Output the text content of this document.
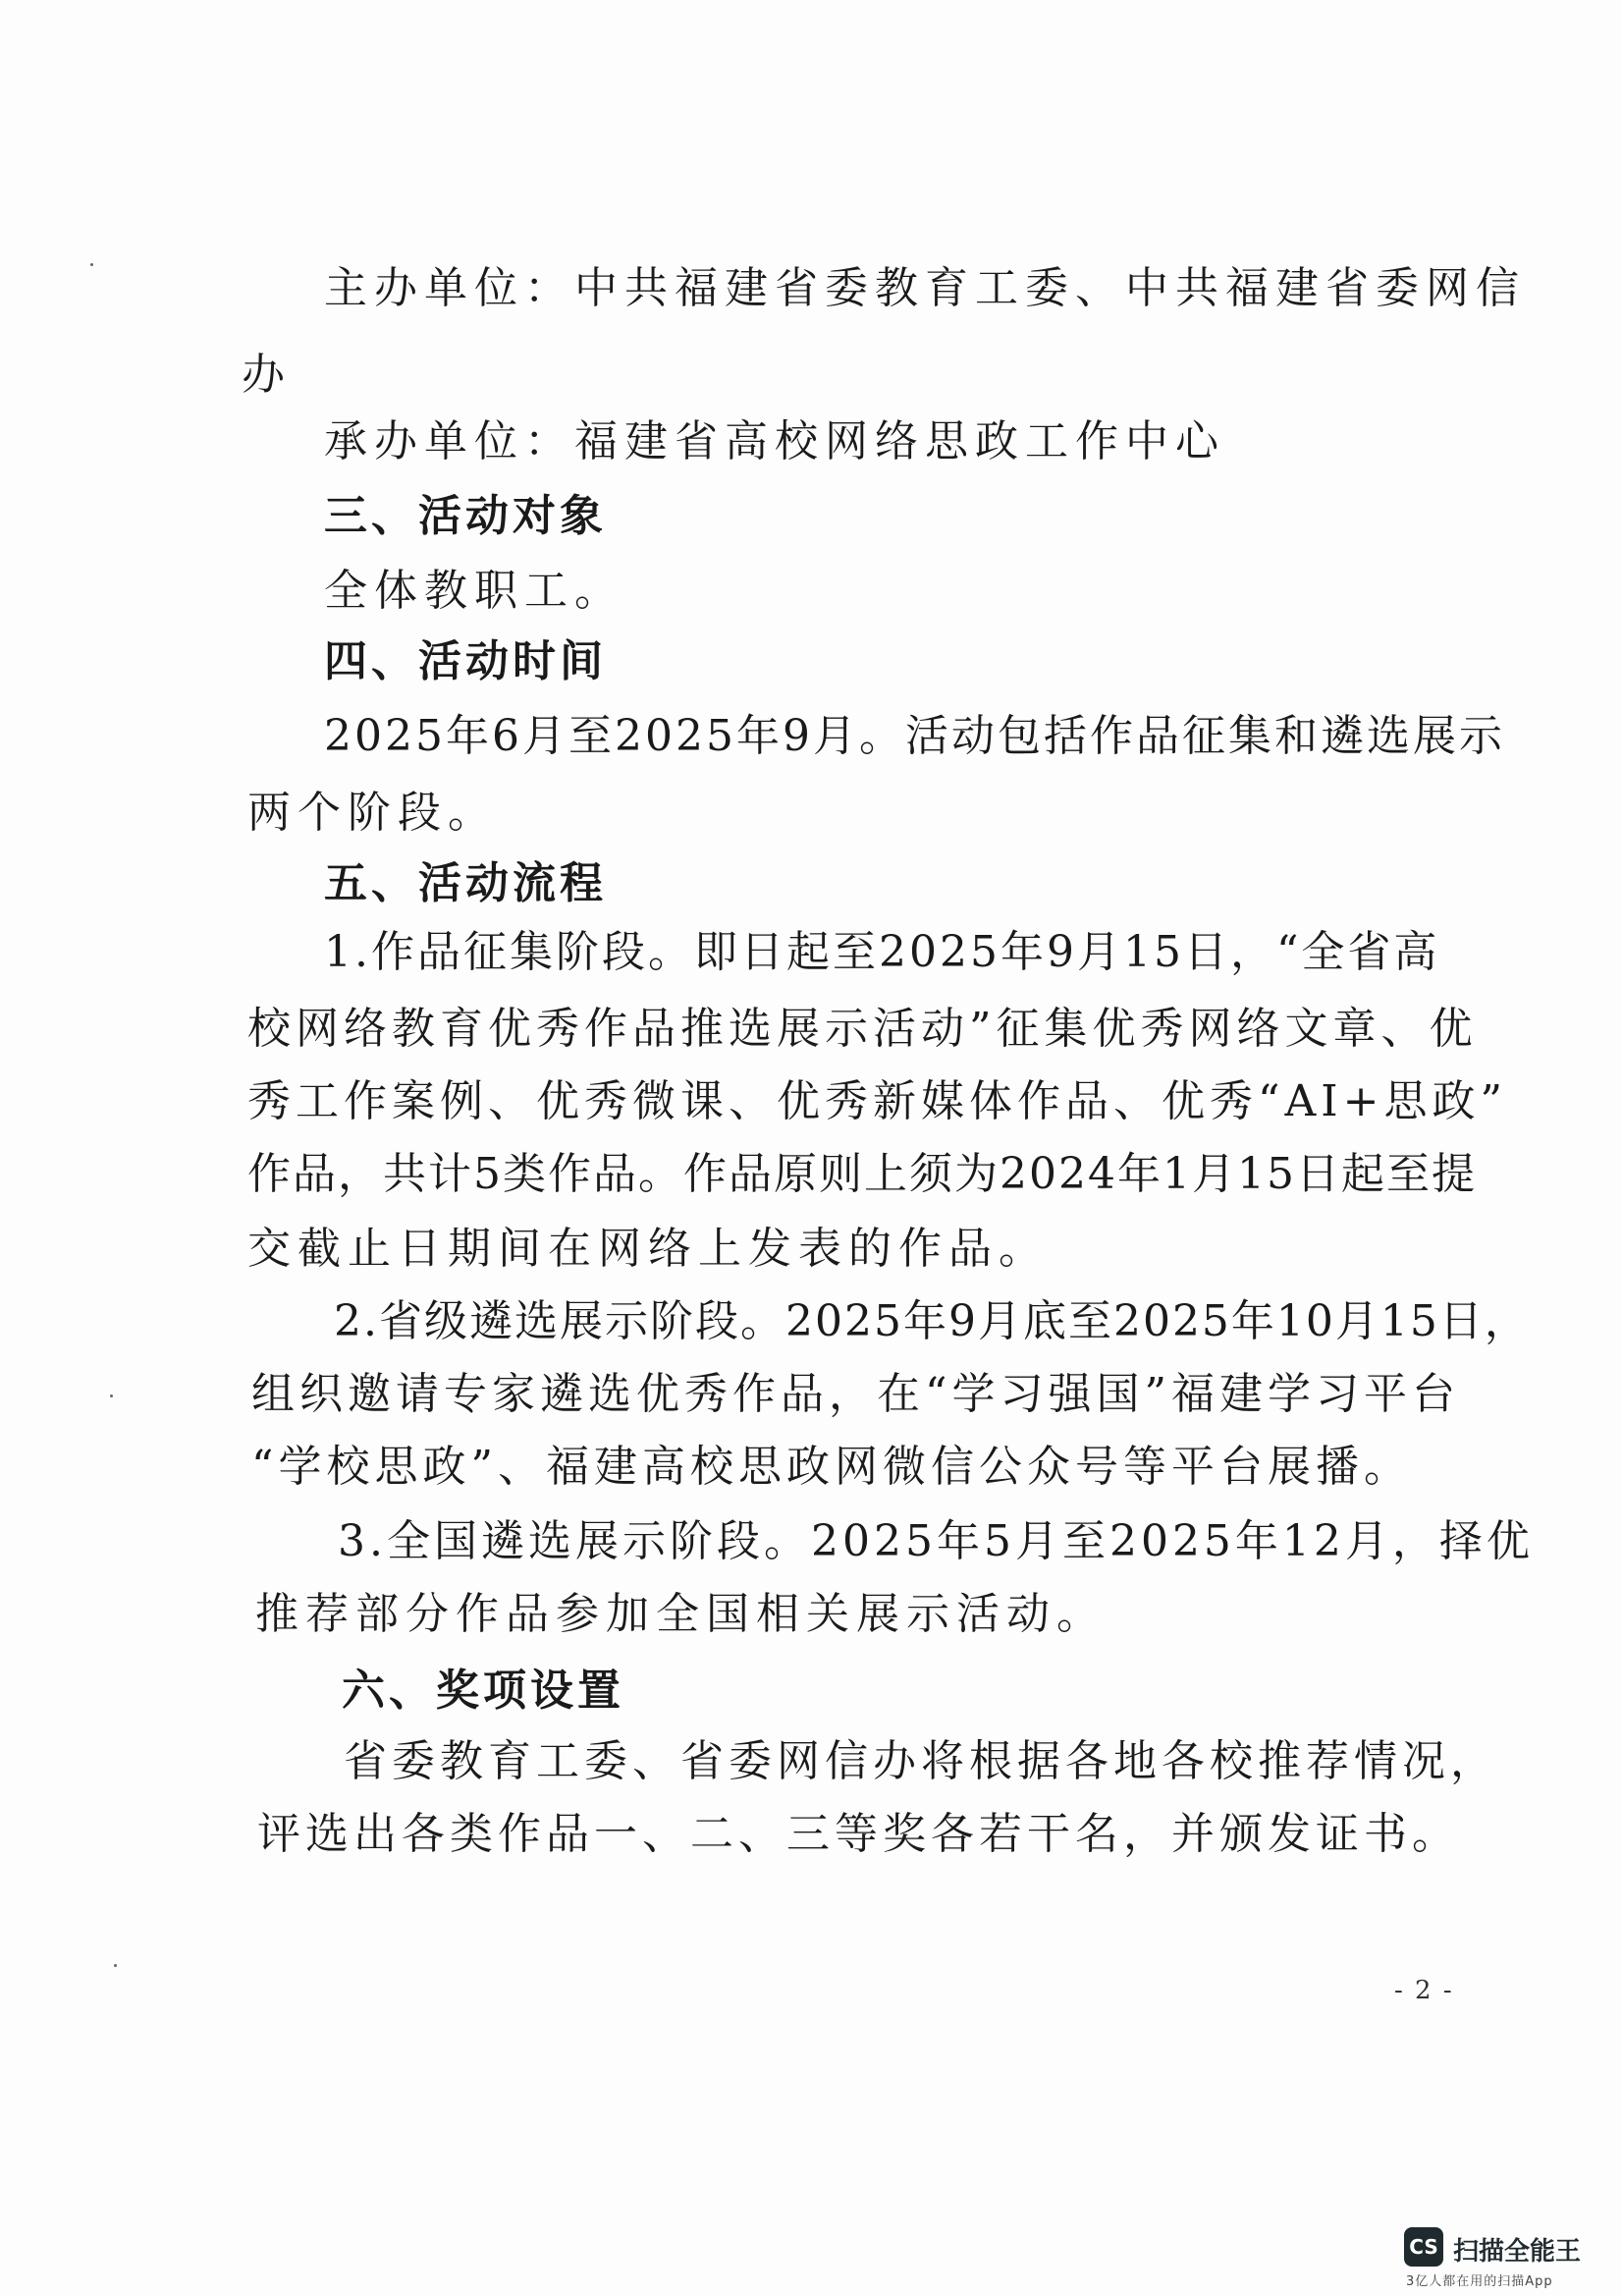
主办单位：中共福建省委教育工委、中共福建省委网信
办
承办单位：福建省高校网络思政工作中心
三、活动对象
全体教职工。
四、活动时间
2025年6月至2025年9月。活动包括作品征集和遴选展示
两个阶段。
五、活动流程
1.作品征集阶段。即日起至2025年9月15日，“全省高
校网络教育优秀作品推选展示活动”征集优秀网络文章、优
秀工作案例、优秀微课、优秀新媒体作品、优秀“AI+思政”
作品，共计5类作品。作品原则上须为2024年1月15日起至提
交截止日期间在网络上发表的作品。
2.省级遴选展示阶段。2025年9月底至2025年10月15日，
组织邀请专家遴选优秀作品，在“学习强国”福建学习平台
“学校思政”、福建高校思政网微信公众号等平台展播。
3.全国遴选展示阶段。2025年5月至2025年12月，择优
推荐部分作品参加全国相关展示活动。
六、奖项设置
省委教育工委、省委网信办将根据各地各校推荐情况，
评选出各类作品一、二、三等奖各若干名，并颁发证书。
- 2 -
CS 扫描全能王
3亿人都在用的扫描App
